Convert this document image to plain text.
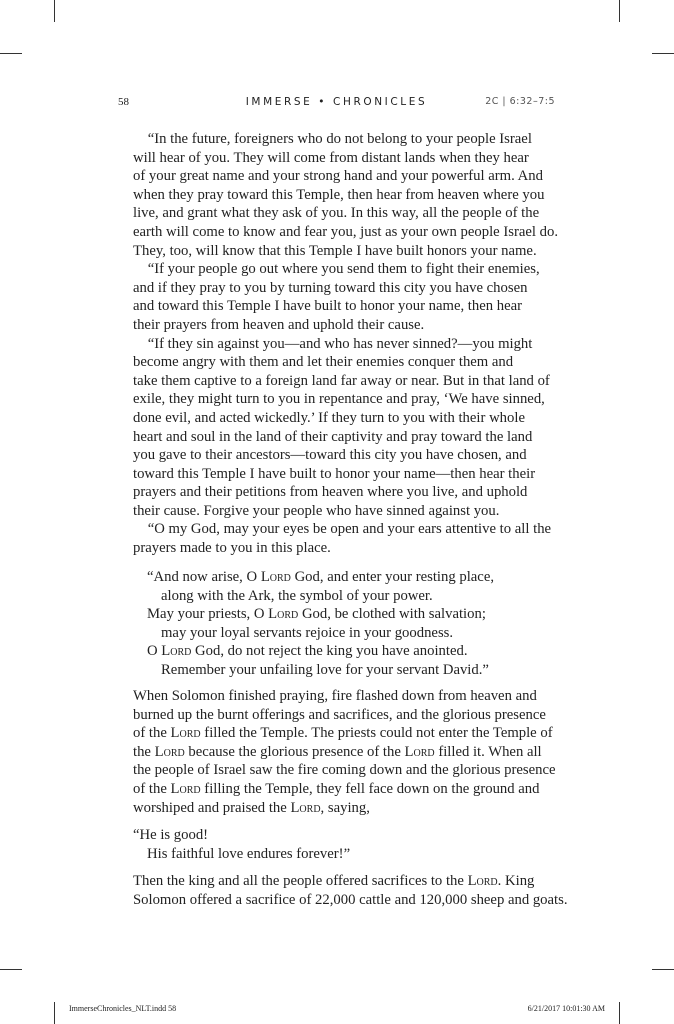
58	IMMERSE • CHRONICLES	2C | 6:32–7:5
“In the future, foreigners who do not belong to your people Israel
will hear of you. They will come from distant lands when they hear
of your great name and your strong hand and your powerful arm. And
when they pray toward this Temple, then hear from heaven where you
live, and grant what they ask of you. In this way, all the people of the
earth will come to know and fear you, just as your own people Israel do.
They, too, will know that this Temple I have built honors your name.
“If your people go out where you send them to fight their enemies,
and if they pray to you by turning toward this city you have chosen
and toward this Temple I have built to honor your name, then hear
their prayers from heaven and uphold their cause.
“If they sin against you—and who has never sinned?—you might
become angry with them and let their enemies conquer them and
take them captive to a foreign land far away or near. But in that land of
exile, they might turn to you in repentance and pray, ‘We have sinned,
done evil, and acted wickedly.’ If they turn to you with their whole
heart and soul in the land of their captivity and pray toward the land
you gave to their ancestors—toward this city you have chosen, and
toward this Temple I have built to honor your name—then hear their
prayers and their petitions from heaven where you live, and uphold
their cause. Forgive your people who have sinned against you.
“O my God, may your eyes be open and your ears attentive to all the
prayers made to you in this place.
“And now arise, O Lord God, and enter your resting place,
along with the Ark, the symbol of your power.
May your priests, O Lord God, be clothed with salvation;
may your loyal servants rejoice in your goodness.
O Lord God, do not reject the king you have anointed.
Remember your unfailing love for your servant David.”
When Solomon finished praying, fire flashed down from heaven and
burned up the burnt offerings and sacrifices, and the glorious presence
of the Lord filled the Temple. The priests could not enter the Temple of
the Lord because the glorious presence of the Lord filled it. When all
the people of Israel saw the fire coming down and the glorious presence
of the Lord filling the Temple, they fell face down on the ground and
worshiped and praised the Lord, saying,
“He is good!
His faithful love endures forever!”
Then the king and all the people offered sacrifices to the Lord. King
Solomon offered a sacrifice of 22,000 cattle and 120,000 sheep and goats.
ImmerseChronicles_NLT.indd 58	6/21/2017 10:01:30 AM
